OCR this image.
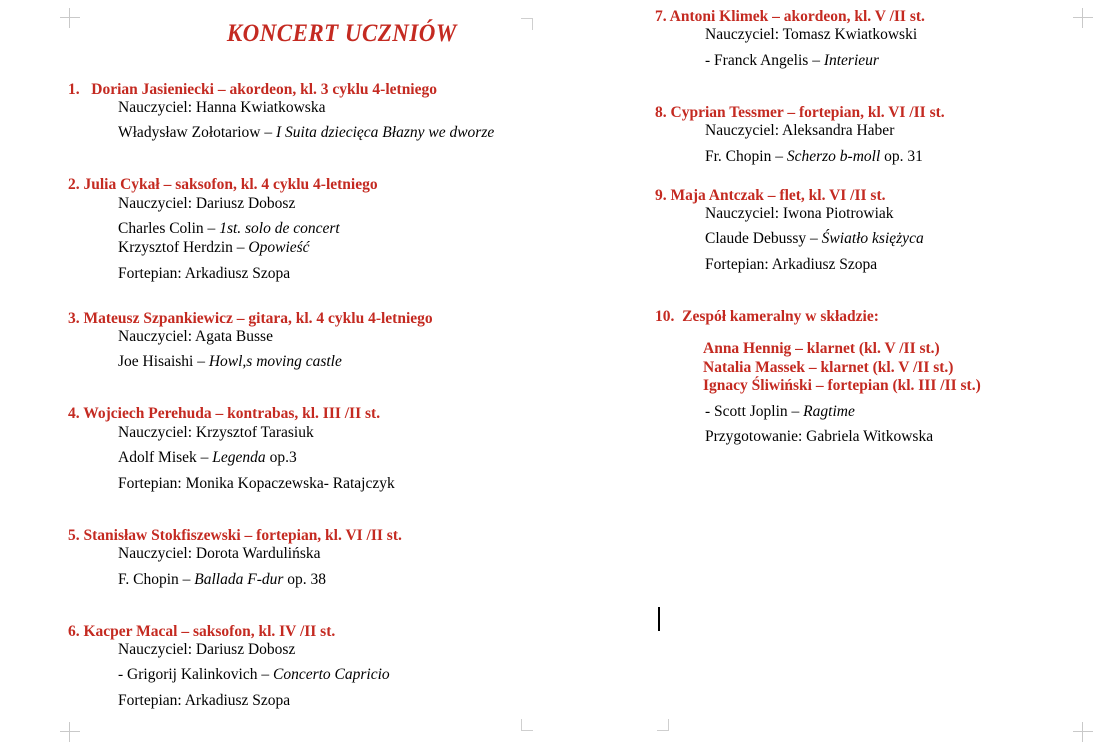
KONCERT UCZNIÓW
1. Dorian Jasieniecki – akordeon, kl. 3 cyklu 4-letniego
Nauczyciel: Hanna Kwiatkowska
Władysław Zołotariow – I Suita dziecięca Błazny we dworze
2. Julia Cykał – saksofon, kl. 4 cyklu 4-letniego
Nauczyciel: Dariusz Dobosz
Charles Colin – 1st. solo de concert
Krzysztof Herdzin – Opowieść
Fortepian: Arkadiusz Szopa
3. Mateusz Szpankiewicz – gitara, kl. 4 cyklu 4-letniego
Nauczyciel: Agata Busse
Joe Hisaishi – Howl,s moving castle
4. Wojciech Perehuda – kontrabas, kl. III /II st.
Nauczyciel: Krzysztof Tarasiuk
Adolf Misek – Legenda op.3
Fortepian: Monika Kopaczewska- Ratajczyk
5. Stanisław Stokfiszewski – fortepian, kl. VI /II st.
Nauczyciel: Dorota Wardulińska
F. Chopin – Ballada F-dur op. 38
6. Kacper Macal – saksofon, kl. IV /II st.
Nauczyciel: Dariusz Dobosz
- Grigorij Kalinkovich – Concerto Capricio
Fortepian: Arkadiusz Szopa
7. Antoni Klimek – akordeon, kl. V /II st.
Nauczyciel: Tomasz Kwiatkowski
- Franck Angelis – Interieur
8. Cyprian Tessmer – fortepian, kl. VI /II st.
Nauczyciel: Aleksandra Haber
Fr. Chopin – Scherzo b-moll op. 31
9. Maja Antczak – flet, kl. VI /II st.
Nauczyciel: Iwona Piotrowiak
Claude Debussy – Światło księżyca
Fortepian: Arkadiusz Szopa
10. Zespół kameralny w składzie:
Anna Hennig – klarnet (kl. V /II st.)
Natalia Massek – klarnet (kl. V /II st.)
Ignacy Śliwiński – fortepian (kl. III /II st.)
- Scott Joplin – Ragtime
Przygotowanie: Gabriela Witkowska
